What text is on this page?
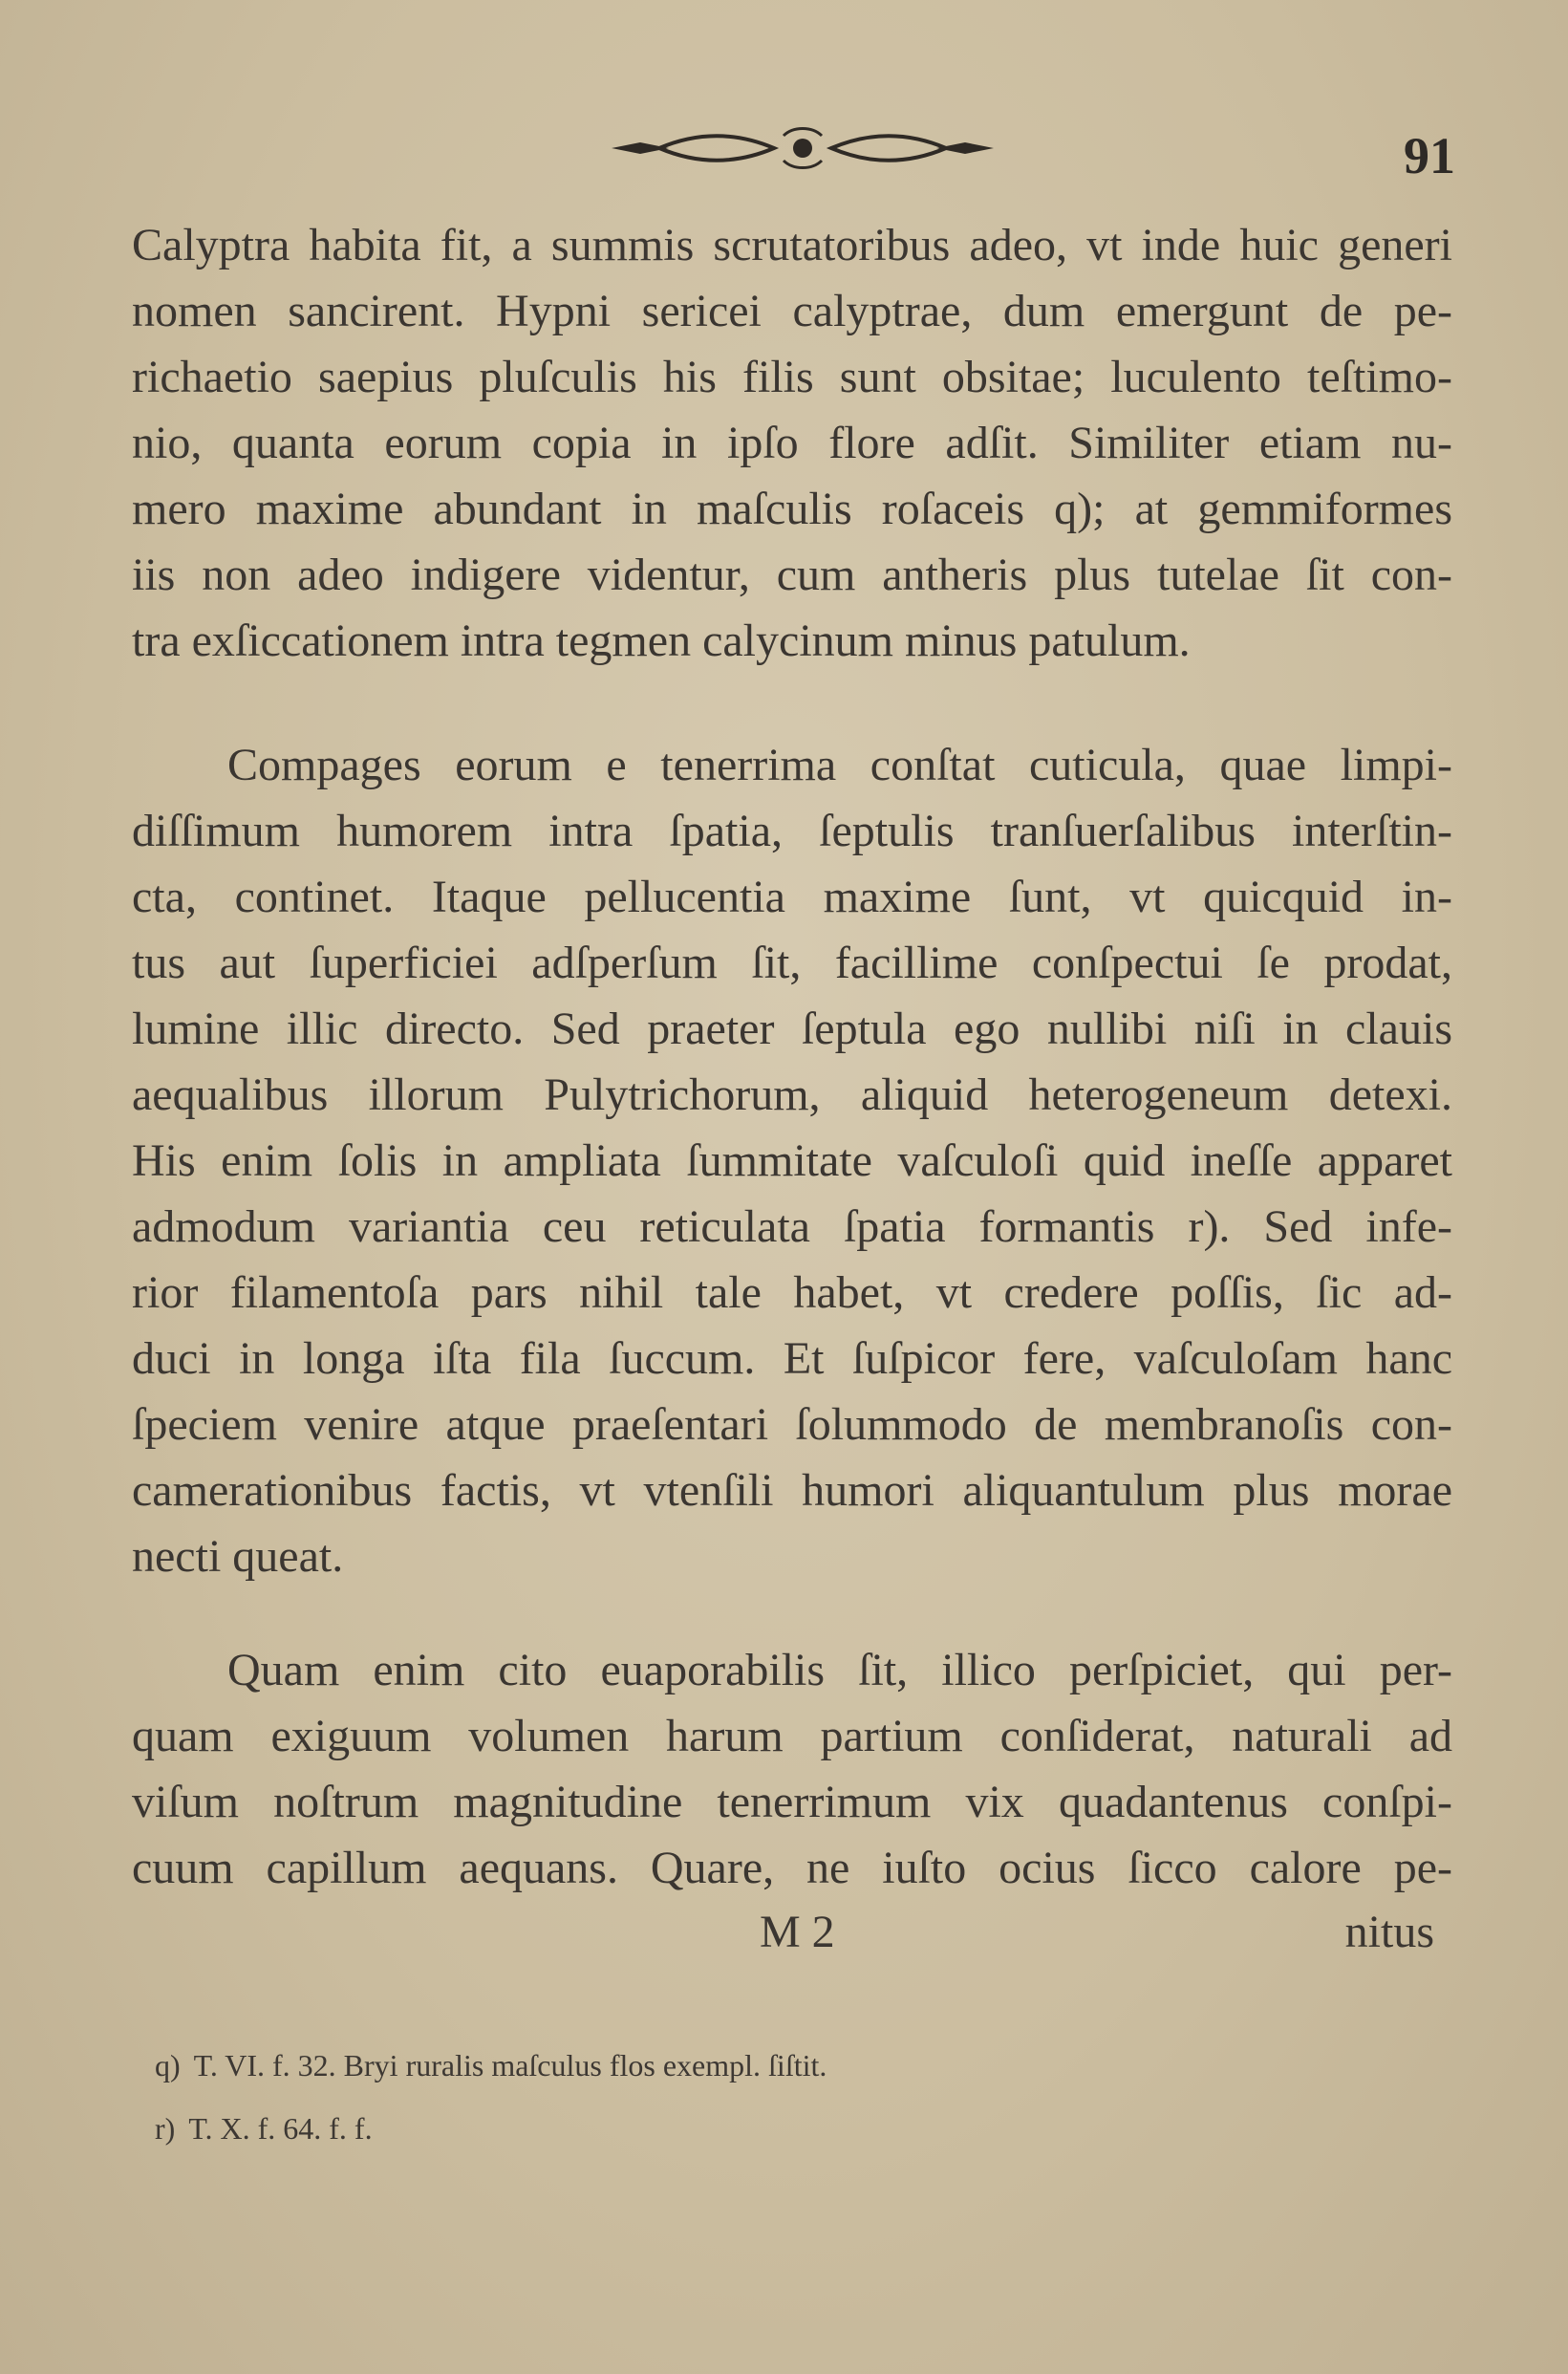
91
Calyptra habita fit, a summis scrutatoribus adeo, vt inde huic generi
nomen sancirent. Hypni sericei calyptrae, dum emergunt de pe-
richaetio saepius pluſculis his filis sunt obsitae; luculento teſtimo-
nio, quanta eorum copia in ipſo flore adſit. Similiter etiam nu-
mero maxime abundant in maſculis roſaceis q); at gemmiformes
iis non adeo indigere videntur, cum antheris plus tutelae ſit con-
tra exſiccationem intra tegmen calycinum minus patulum.
Compages eorum e tenerrima conſtat cuticula, quae limpi-
diſſimum humorem intra ſpatia, ſeptulis tranſuerſalibus interſtin-
cta, continet. Itaque pellucentia maxime ſunt, vt quicquid in-
tus aut ſuperficiei adſperſum ſit, facillime conſpectui ſe prodat,
lumine illic directo. Sed praeter ſeptula ego nullibi niſi in clauis
aequalibus illorum Pulytrichorum, aliquid heterogeneum detexi.
His enim ſolis in ampliata ſummitate vaſculoſi quid ineſſe apparet
admodum variantia ceu reticulata ſpatia formantis r). Sed infe-
rior filamentoſa pars nihil tale habet, vt credere poſſis, ſic ad-
duci in longa iſta fila ſuccum. Et ſuſpicor fere, vaſculoſam hanc
ſpeciem venire atque praeſentari ſolummodo de membranoſis con-
camerationibus factis, vt vtenſili humori aliquantulum plus morae
necti queat.
Quam enim cito euaporabilis ſit, illico perſpiciet, qui per-
quam exiguum volumen harum partium conſiderat, naturali ad
viſum noſtrum magnitudine tenerrimum vix quadantenus conſpi-
cuum capillum aequans. Quare, ne iuſto ocius ſicco calore pe-
M 2	nitus
q) T. VI. f. 32. Bryi ruralis maſculus flos exempl. ſiſtit.
r) T. X. f. 64. f. f.
